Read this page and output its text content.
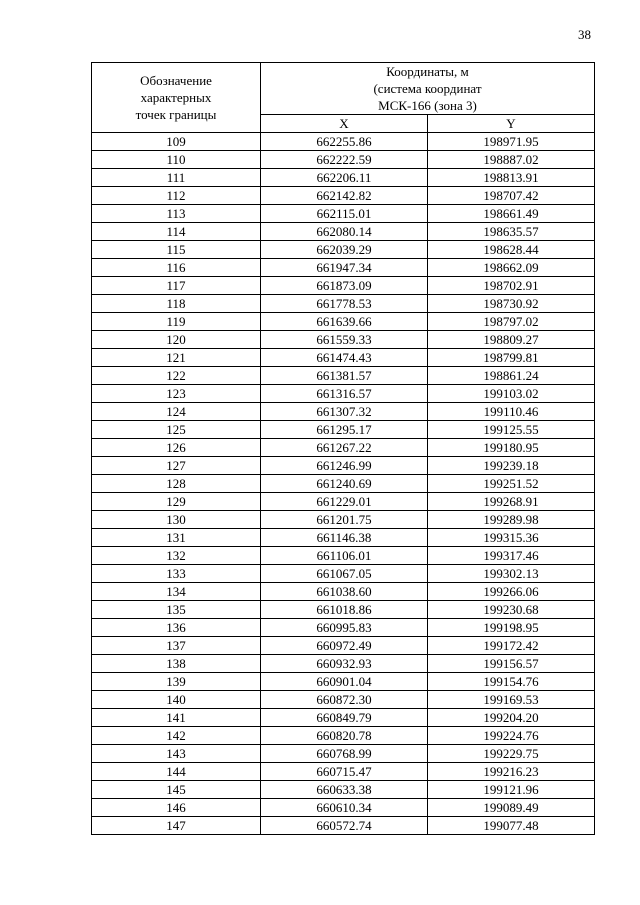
38
Обозначение
характерных
точек границы	Координаты, м
(система координат
МСК-166 (зона 3)	

	X	Y
109	662255.86	198971.95
110	662222.59	198887.02
111	662206.11	198813.91
112	662142.82	198707.42
113	662115.01	198661.49
114	662080.14	198635.57
115	662039.29	198628.44
116	661947.34	198662.09
117	661873.09	198702.91
118	661778.53	198730.92
119	661639.66	198797.02
120	661559.33	198809.27
121	661474.43	198799.81
122	661381.57	198861.24
123	661316.57	199103.02
124	661307.32	199110.46
125	661295.17	199125.55
126	661267.22	199180.95
127	661246.99	199239.18
128	661240.69	199251.52
129	661229.01	199268.91
130	661201.75	199289.98
131	661146.38	199315.36
132	661106.01	199317.46
133	661067.05	199302.13
134	661038.60	199266.06
135	661018.86	199230.68
136	660995.83	199198.95
137	660972.49	199172.42
138	660932.93	199156.57
139	660901.04	199154.76
140	660872.30	199169.53
141	660849.79	199204.20
142	660820.78	199224.76
143	660768.99	199229.75
144	660715.47	199216.23
145	660633.38	199121.96
146	660610.34	199089.49
147	660572.74	199077.48
